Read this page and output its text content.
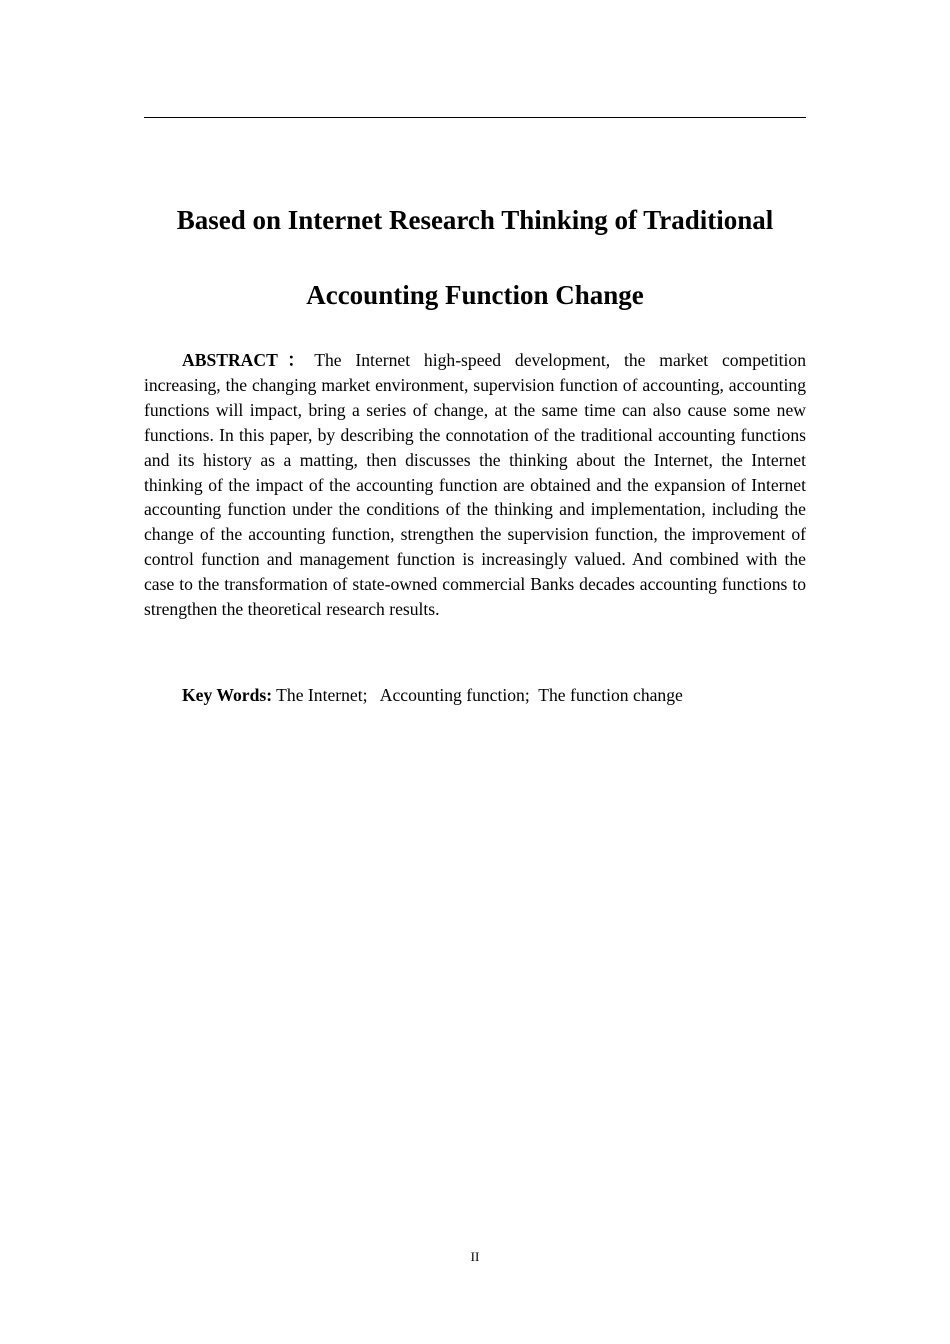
Based on Internet Research Thinking of Traditional
Accounting Function Change

ABSTRACT：The Internet high-speed development, the market competition increasing, the changing market environment, supervision function of accounting, accounting functions will impact, bring a series of change, at the same time can also cause some new functions. In this paper, by describing the connotation of the traditional accounting functions and its history as a matting, then discusses the thinking about the Internet, the Internet thinking of the impact of the accounting function are obtained and the expansion of Internet accounting function under the conditions of the thinking and implementation, including the change of the accounting function, strengthen the supervision function, the improvement of control function and management function is increasingly valued. And combined with the case to the transformation of state-owned commercial Banks decades accounting functions to strengthen the theoretical research results.

Key Words: The Internet;   Accounting function;  The function change

II
